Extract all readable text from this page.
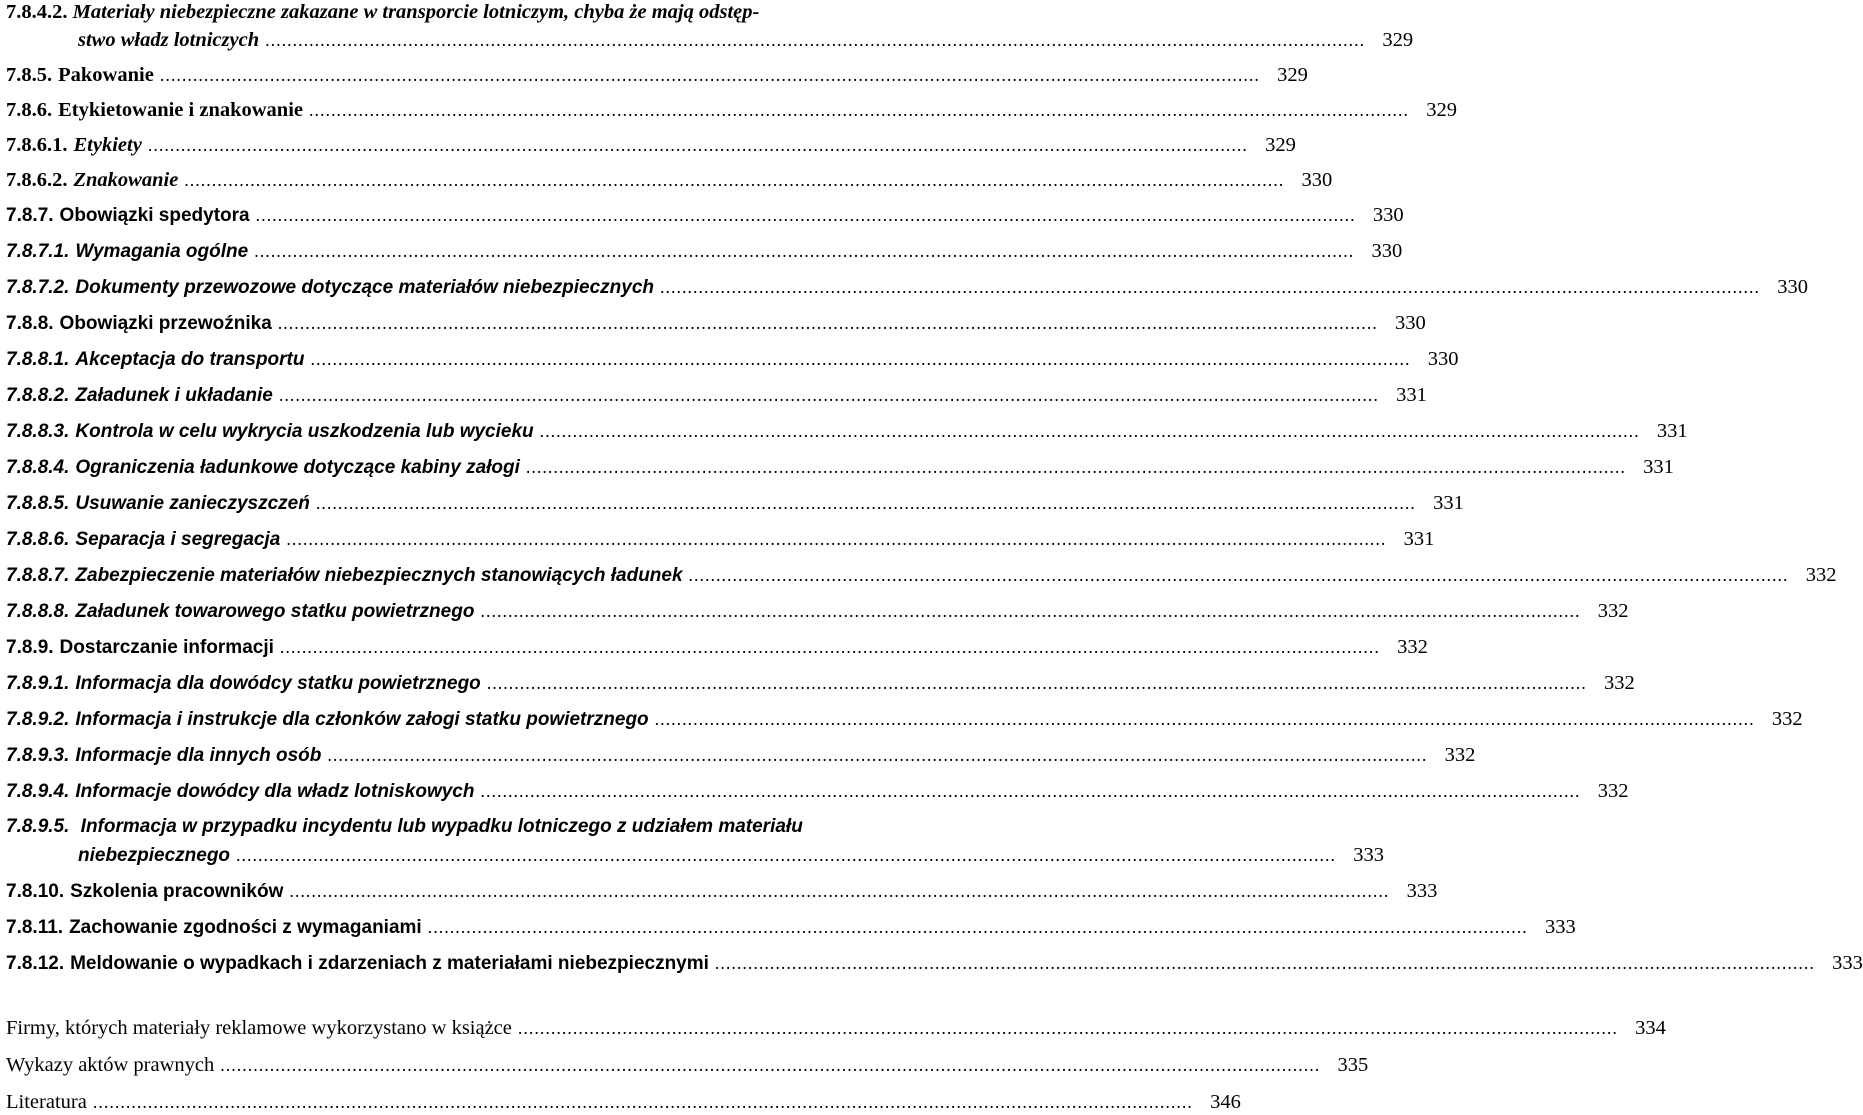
7.8.4.2. Materiały niebezpieczne zakazane w transporcie lotniczym, chyba że mają odstęp-
stwo władz lotniczych .....	329
7.8.5. Pakowanie .....	329
7.8.6. Etykietowanie i znakowanie .....	329
7.8.6.1. Etykiety .....	329
7.8.6.2. Znakowanie .....	330
7.8.7. Obowiązki spedytora .....	330
7.8.7.1. Wymagania ogólne .....	330
7.8.7.2. Dokumenty przewozowe dotyczące materiałów niebezpiecznych .....	330
7.8.8. Obowiązki przewoźnika .....	330
7.8.8.1. Akceptacja do transportu .....	330
7.8.8.2. Załadunek i układanie .....	331
7.8.8.3. Kontrola w celu wykrycia uszkodzenia lub wycieku .....	331
7.8.8.4. Ograniczenia ładunkowe dotyczące kabiny załogi .....	331
7.8.8.5. Usuwanie zanieczyszczeń .....	331
7.8.8.6. Separacja i segregacja .....	331
7.8.8.7. Zabezpieczenie materiałów niebezpiecznych stanowiących ładunek .....	332
7.8.8.8. Załadunek towarowego statku powietrznego .....	332
7.8.9. Dostarczanie informacji .....	332
7.8.9.1. Informacja dla dowódcy statku powietrznego .....	332
7.8.9.2. Informacja i instrukcje dla członków załogi statku powietrznego .....	332
7.8.9.3. Informacje dla innych osób .....	332
7.8.9.4. Informacje dowódcy dla władz lotniskowych .....	332
7.8.9.5. Informacja w przypadku incydentu lub wypadku lotniczego z udziałem materiału
niebezpiecznego .....	333
7.8.10. Szkolenia pracowników .....	333
7.8.11. Zachowanie zgodności z wymaganiami .....	333
7.8.12. Meldowanie o wypadkach i zdarzeniach z materiałami niebezpiecznymi .....	333
Firmy, których materiały reklamowe wykorzystano w książce .....	334
Wykazy aktów prawnych .....	335
Literatura .....	346
